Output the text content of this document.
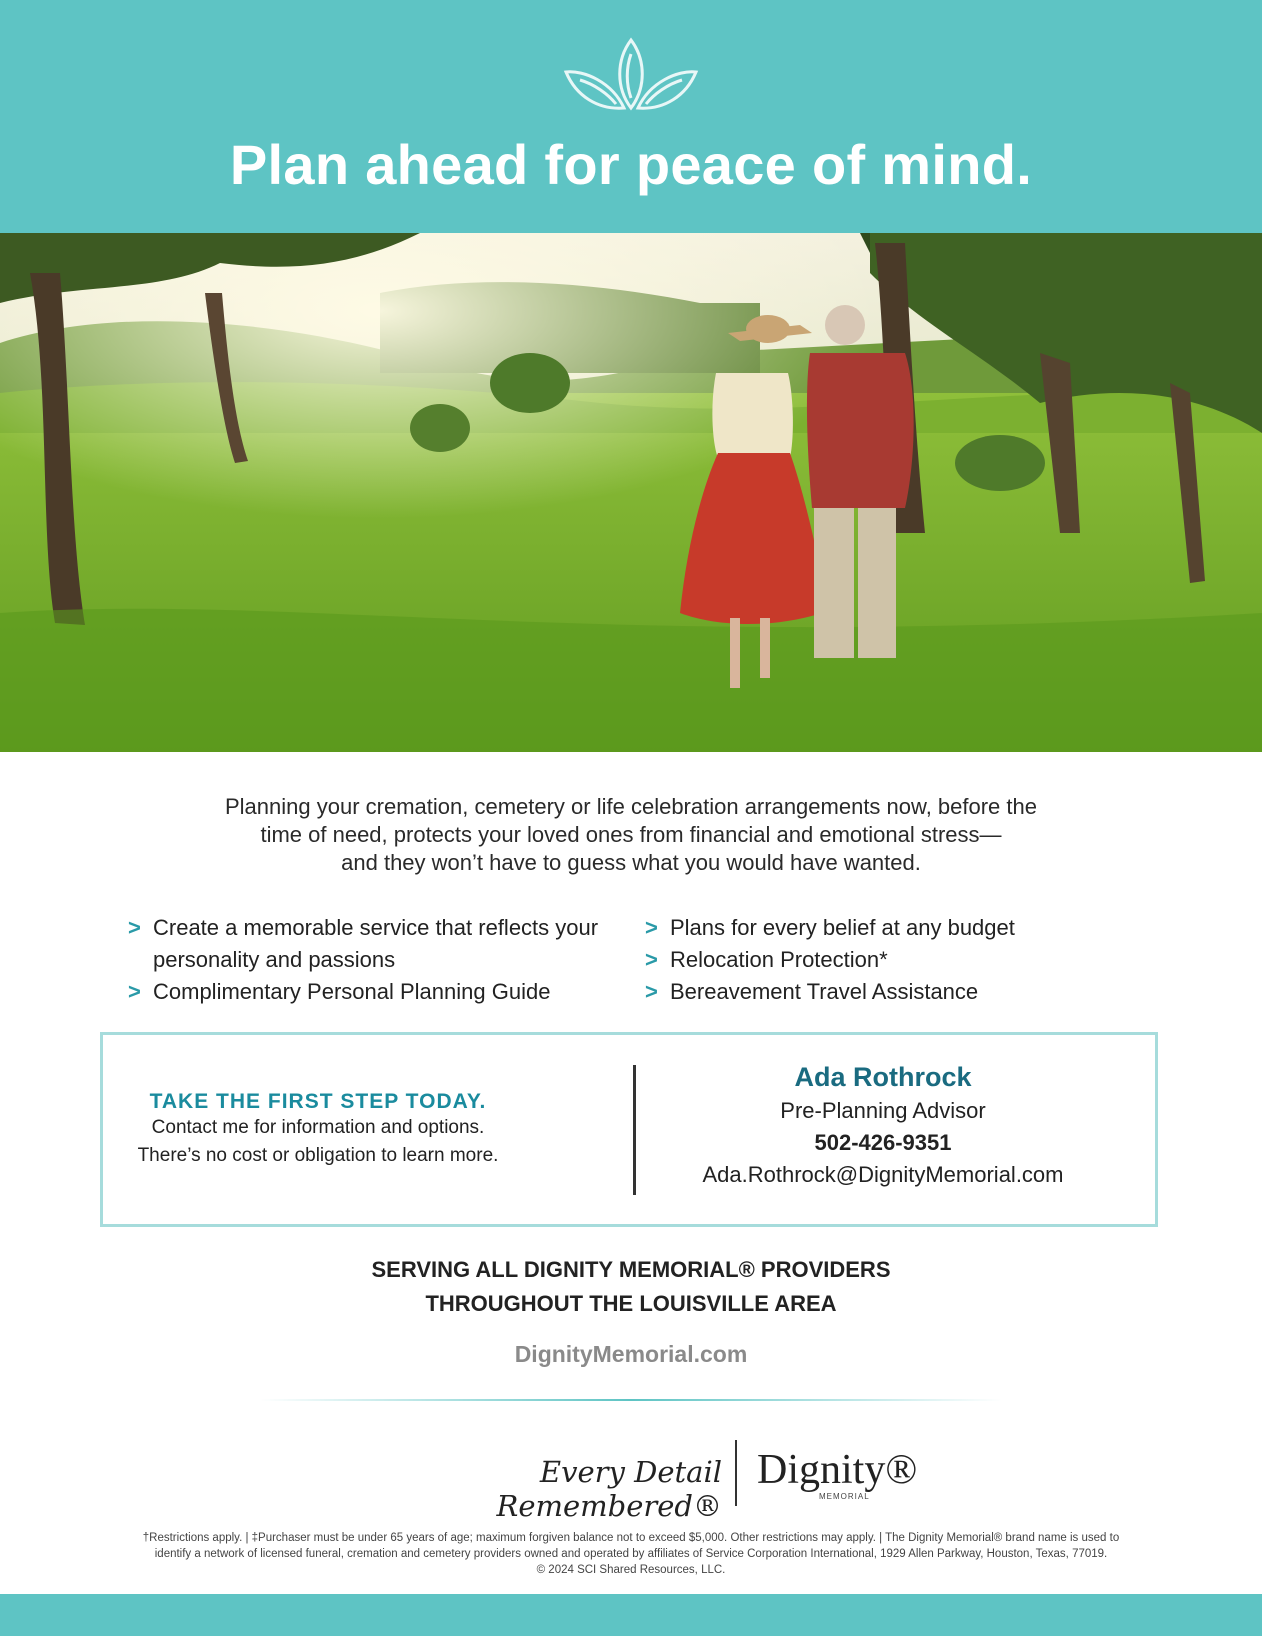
Plan ahead for peace of mind.
Planning your cremation, cemetery or life celebration arrangements now, before the
time of need, protects your loved ones from financial and emotional stress—
and they won’t have to guess what you would have wanted.
> Create a memorable service that reflects your personality and passions
> Complimentary Personal Planning Guide
> Plans for every belief at any budget
> Relocation Protection*
> Bereavement Travel Assistance
TAKE THE FIRST STEP TODAY.
Contact me for information and options.
There’s no cost or obligation to learn more.
Ada Rothrock
Pre-Planning Advisor
502-426-9351
Ada.Rothrock@DignityMemorial.com
SERVING ALL DIGNITY MEMORIAL® PROVIDERS
THROUGHOUT THE LOUISVILLE AREA
DignityMemorial.com
Every Detail Remembered®
Dignity®
MEMORIAL
†Restrictions apply. | ‡Purchaser must be under 65 years of age; maximum forgiven balance not to exceed $5,000. Other restrictions may apply. | The Dignity Memorial® brand name is used to
identify a network of licensed funeral, cremation and cemetery providers owned and operated by affiliates of Service Corporation International, 1929 Allen Parkway, Houston, Texas, 77019.
© 2024 SCI Shared Resources, LLC.
